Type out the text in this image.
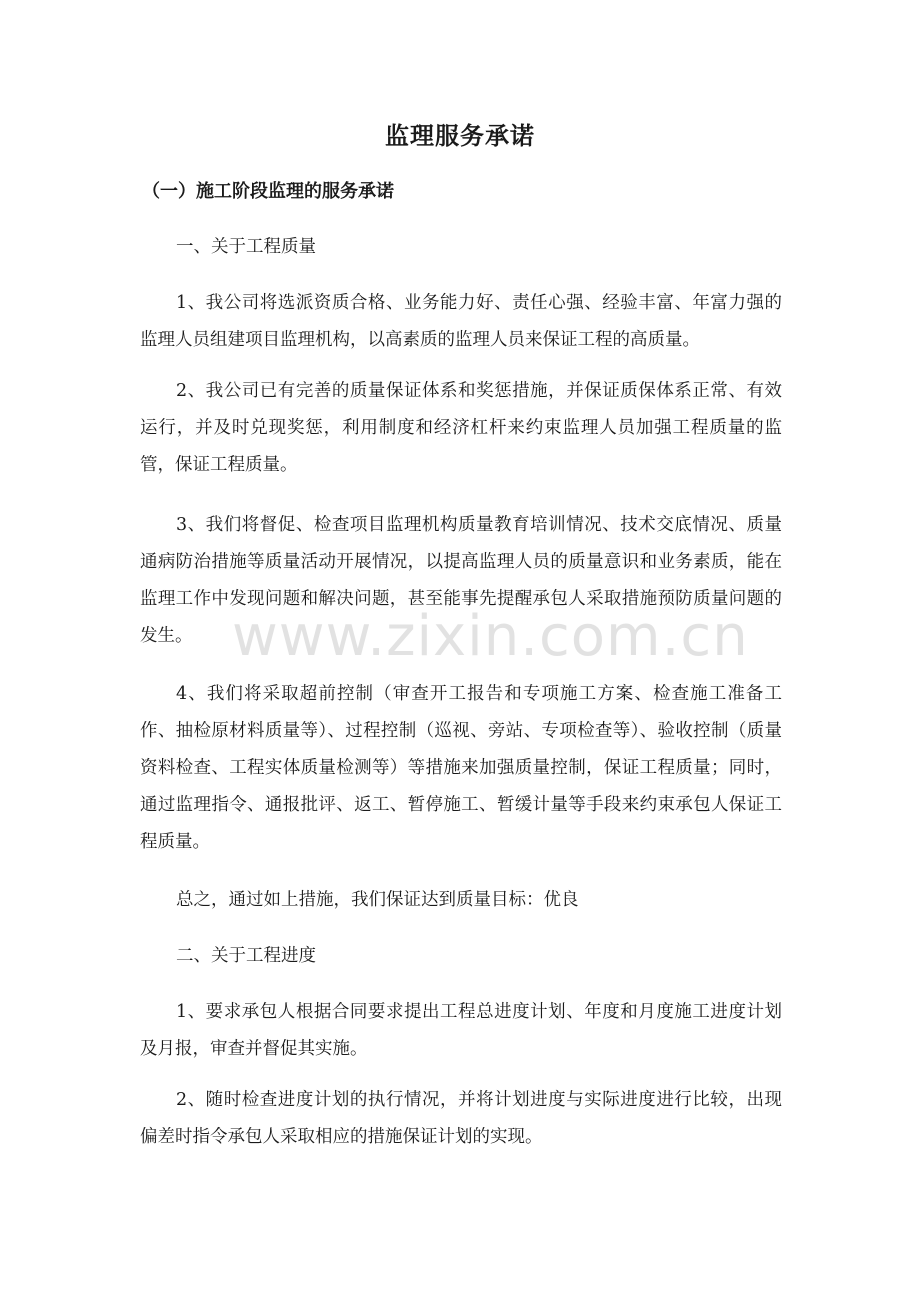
监理服务承诺
（一）施工阶段监理的服务承诺

一、关于工程质量

1、我公司将选派资质合格、业务能力好、责任心强、经验丰富、年富力强的监理人员组建项目监理机构，以高素质的监理人员来保证工程的高质量。

2、我公司已有完善的质量保证体系和奖惩措施，并保证质保体系正常、有效运行，并及时兑现奖惩，利用制度和经济杠杆来约束监理人员加强工程质量的监管，保证工程质量。

3、我们将督促、检查项目监理机构质量教育培训情况、技术交底情况、质量通病防治措施等质量活动开展情况，以提高监理人员的质量意识和业务素质，能在监理工作中发现问题和解决问题，甚至能事先提醒承包人采取措施预防质量问题的发生。

4、我们将采取超前控制（审查开工报告和专项施工方案、检查施工准备工作、抽检原材料质量等）、过程控制（巡视、旁站、专项检查等）、验收控制（质量资料检查、工程实体质量检测等）等措施来加强质量控制，保证工程质量；同时，通过监理指令、通报批评、返工、暂停施工、暂缓计量等手段来约束承包人保证工程质量。

总之，通过如上措施，我们保证达到质量目标：优良

二、关于工程进度

1、要求承包人根据合同要求提出工程总进度计划、年度和月度施工进度计划及月报，审查并督促其实施。

2、随时检查进度计划的执行情况，并将计划进度与实际进度进行比较，出现偏差时指令承包人采取相应的措施保证计划的实现。

www.zixin.com.cn
